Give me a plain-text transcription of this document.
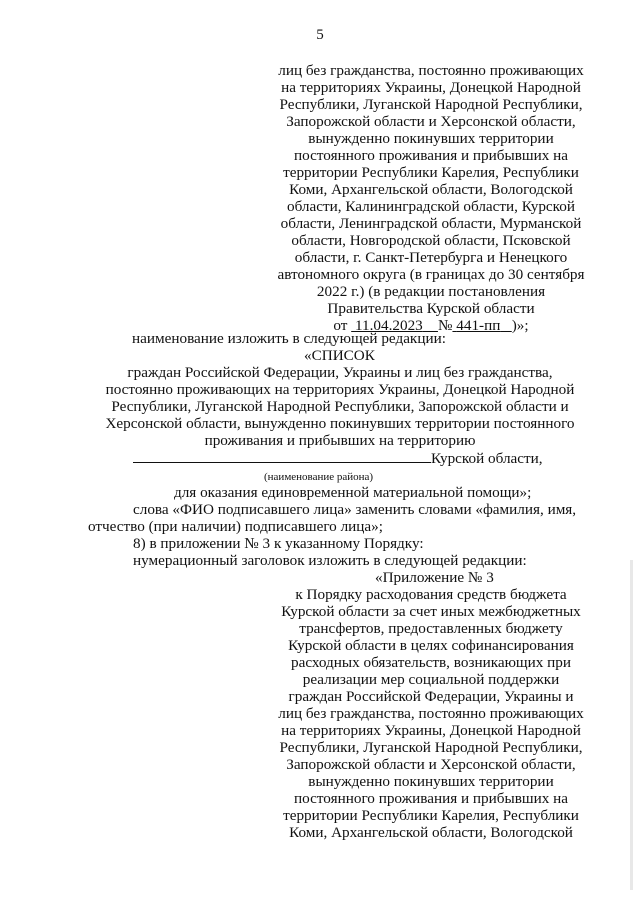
5
лиц без гражданства, постоянно проживающих
на территориях Украины, Донецкой Народной
Республики, Луганской Народной Республики,
Запорожской области и Херсонской области,
вынужденно покинувших территории
постоянного проживания и прибывших на
территории Республики Карелия, Республики
Коми, Архангельской области, Вологодской
области, Калининградской области, Курской
области, Ленинградской области, Мурманской
области, Новгородской области, Псковской
области, г. Санкт-Петербурга и Ненецкого
автономного округа (в границах до 30 сентября
2022 г.) (в редакции постановления
Правительства Курской области
от 11.04.2023 № 441-пп )»;
наименование изложить в следующей редакции:
«СПИСОК
граждан Российской Федерации, Украины и лиц без гражданства,
постоянно проживающих на территориях Украины, Донецкой Народной
Республики, Луганской Народной Республики, Запорожской области и
Херсонской области, вынужденно покинувших территории постоянного
проживания и прибывших на территорию
Курской области,
(наименование района)
для оказания единовременной материальной помощи»;
слова «ФИО подписавшего лица» заменить словами «фамилия, имя,
отчество (при наличии) подписавшего лица»;
8) в приложении № 3 к указанному Порядку:
нумерационный заголовок изложить в следующей редакции:
«Приложение № 3
к Порядку расходования средств бюджета
Курской области за счет иных межбюджетных
трансфертов, предоставленных бюджету
Курской области в целях софинансирования
расходных обязательств, возникающих при
реализации мер социальной поддержки
граждан Российской Федерации, Украины и
лиц без гражданства, постоянно проживающих
на территориях Украины, Донецкой Народной
Республики, Луганской Народной Республики,
Запорожской области и Херсонской области,
вынужденно покинувших территории
постоянного проживания и прибывших на
территории Республики Карелия, Республики
Коми, Архангельской области, Вологодской
